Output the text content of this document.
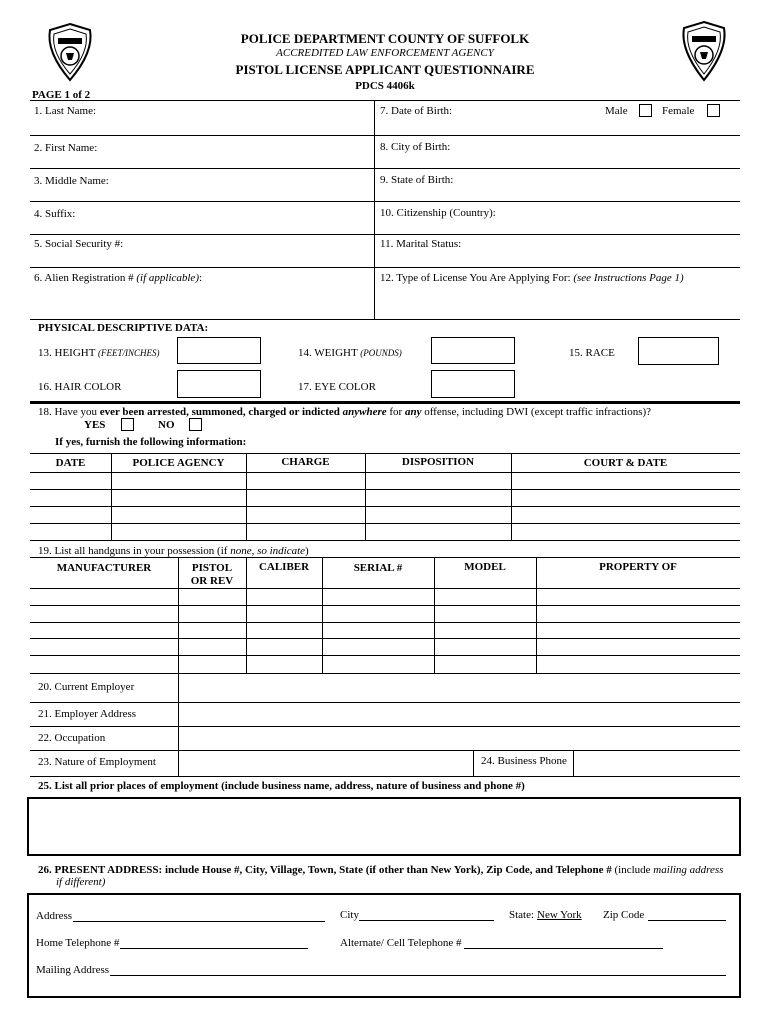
POLICE DEPARTMENT COUNTY OF SUFFOLK
ACCREDITED LAW ENFORCEMENT AGENCY
PISTOL LICENSE APPLICANT QUESTIONNAIRE
PDCS 4406k
PAGE 1 of 2
1. Last Name:	7. Date of Birth:	Male	Female
2. First Name:	8. City of Birth:
3. Middle Name:	9. State of Birth:
4. Suffix:	10. Citizenship (Country):
5. Social Security #:	11. Marital Status:
6. Alien Registration # (if applicable):	12. Type of License You Are Applying For: (see Instructions Page 1)
PHYSICAL DESCRIPTIVE DATA:
13. HEIGHT (FEET/INCHES)	14. WEIGHT (POUNDS)	15. RACE
16. HAIR COLOR	17. EYE COLOR
18. Have you ever been arrested, summoned, charged or indicted anywhere for any offense, including DWI (except traffic infractions)?
YES	NO
If yes, furnish the following information:
DATE	POLICE AGENCY	CHARGE	DISPOSITION	COURT & DATE
19. List all handguns in your possession (if none, so indicate)
MANUFACTURER	PISTOL
OR REV
CALIBER	SERIAL #	MODEL	PROPERTY OF
20. Current Employer
21. Employer Address
22. Occupation
23. Nature of Employment	24. Business Phone
25. List all prior places of employment (include business name, address, nature of business and phone #)
26. PRESENT ADDRESS: include House #, City, Village, Town, State (if other than New York), Zip Code, and Telephone # (include mailing address
if different)
Address	City	State: New York Zip Code
Home Telephone #	Alternate/ Cell Telephone #
Mailing Address
